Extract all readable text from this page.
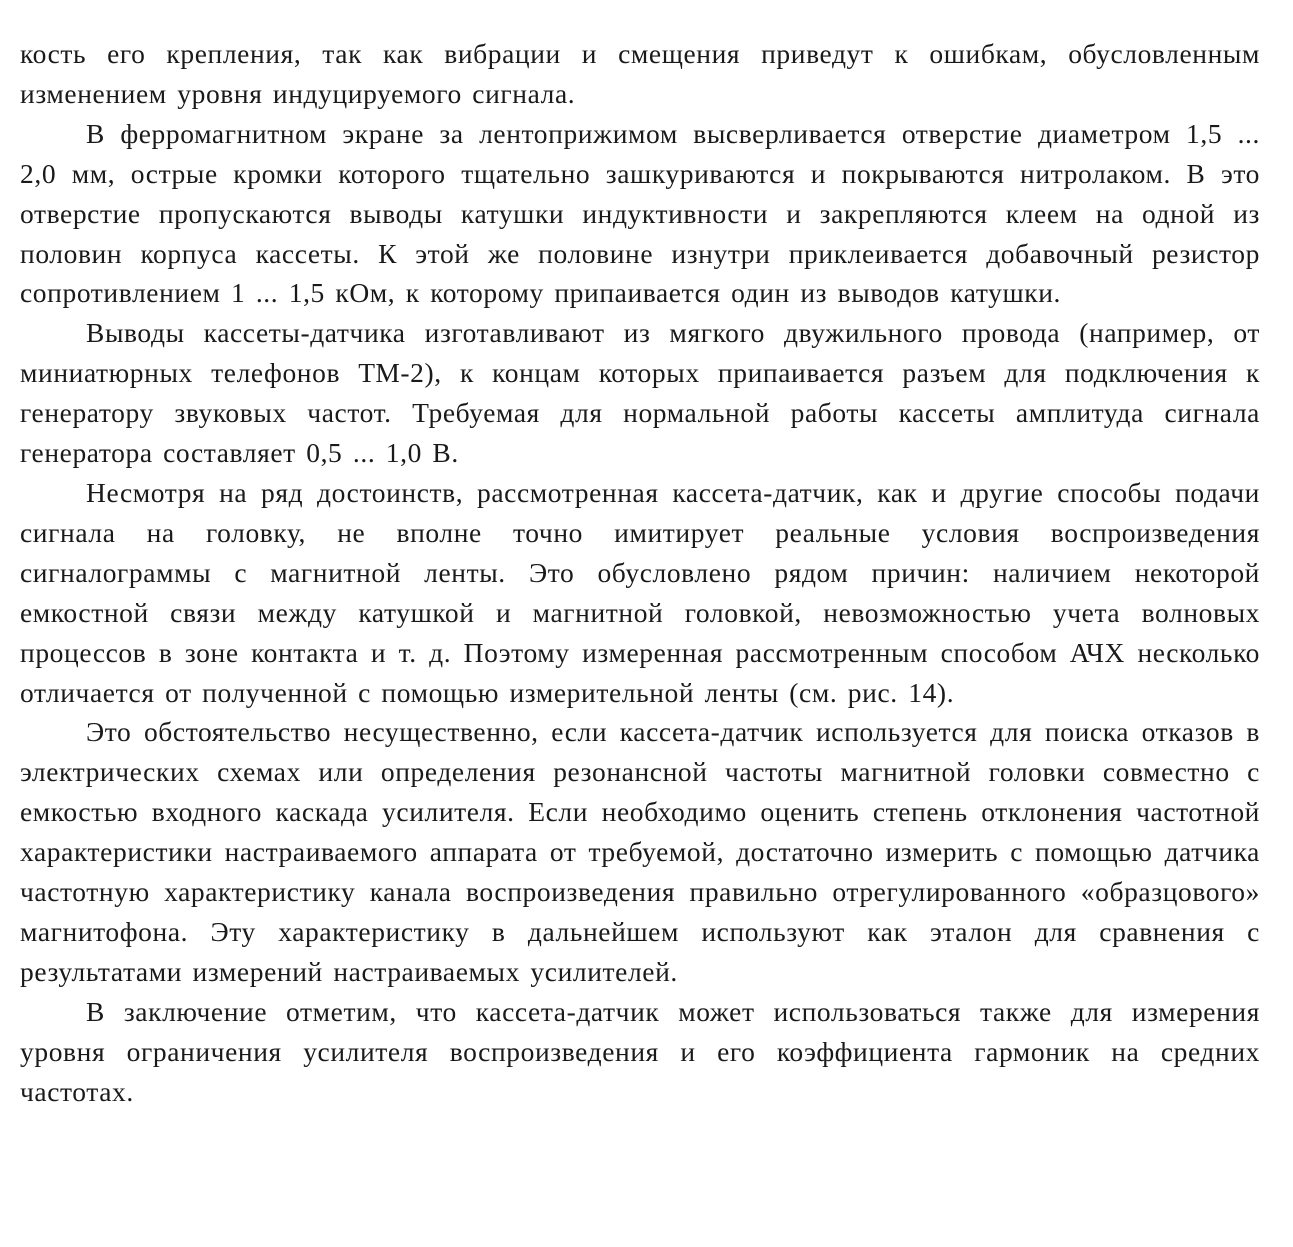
кость его крепления, так как вибрации и смещения приведут к ошибкам, обусловленным изменением уровня индуцируемого сигнала.

В ферромагнитном экране за лентоприжимом высверливается отверстие диаметром 1,5 ... 2,0 мм, острые кромки которого тщательно зашкуриваются и покрываются нитролаком. В это отверстие пропускаются выводы катушки индуктивности и закрепляются клеем на одной из половин корпуса кассеты. К этой же половине изнутри приклеивается добавочный резистор сопротивлением 1 ... 1,5 кОм, к которому припаивается один из выводов катушки.

Выводы кассеты-датчика изготавливают из мягкого двужильного провода (например, от миниатюрных телефонов ТМ-2), к концам которых припаивается разъем для подключения к генератору звуковых частот. Требуемая для нормальной работы кассеты амплитуда сигнала генератора составляет 0,5 ... 1,0 В.

Несмотря на ряд достоинств, рассмотренная кассета-датчик, как и другие способы подачи сигнала на головку, не вполне точно имитирует реальные условия воспроизведения сигналограммы с магнитной ленты. Это обусловлено рядом причин: наличием некоторой емкостной связи между катушкой и магнитной головкой, невозможностью учета волновых процессов в зоне контакта и т. д. Поэтому измеренная рассмотренным способом АЧХ несколько отличается от полученной с помощью измерительной ленты (см. рис. 14).

Это обстоятельство несущественно, если кассета-датчик используется для поиска отказов в электрических схемах или определения резонансной частоты магнитной головки совместно с емкостью входного каскада усилителя. Если необходимо оценить степень отклонения частотной характеристики настраиваемого аппарата от требуемой, достаточно измерить с помощью датчика частотную характеристику канала воспроизведения правильно отрегулированного «образцового» магнитофона. Эту характеристику в дальнейшем используют как эталон для сравнения с результатами измерений настраиваемых усилителей.

В заключение отметим, что кассета-датчик может использоваться также для измерения уровня ограничения усилителя воспроизведения и его коэффициента гармоник на средних частотах.
